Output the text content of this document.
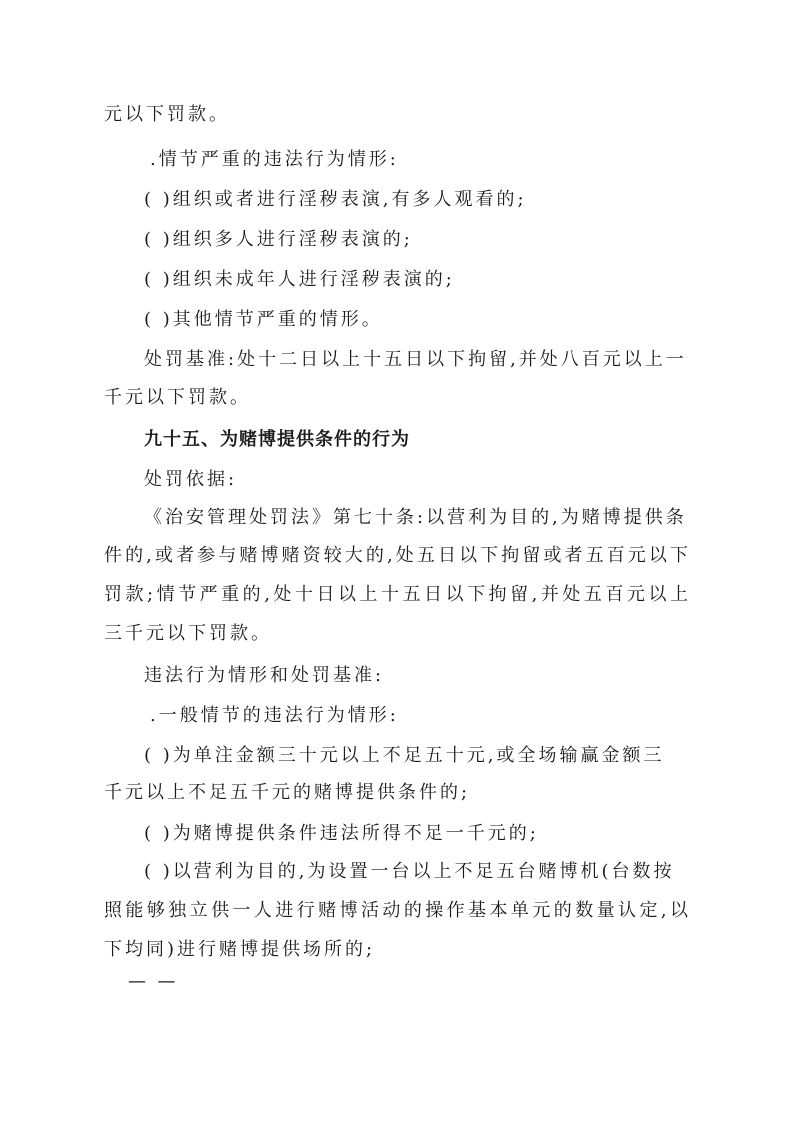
元以下罚款。
.情节严重的违法行为情形:
( )组织或者进行淫秽表演,有多人观看的;
( )组织多人进行淫秽表演的;
( )组织未成年人进行淫秽表演的;
( )其他情节严重的情形。
处罚基准:处十二日以上十五日以下拘留,并处八百元以上一
千元以下罚款。
九十五、为赌博提供条件的行为
处罚依据:
《治安管理处罚法》第七十条:以营利为目的,为赌博提供条
件的,或者参与赌博赌资较大的,处五日以下拘留或者五百元以下
罚款;情节严重的,处十日以上十五日以下拘留,并处五百元以上
三千元以下罚款。
违法行为情形和处罚基准:
.一般情节的违法行为情形:
( )为单注金额三十元以上不足五十元,或全场输赢金额三
千元以上不足五千元的赌博提供条件的;
( )为赌博提供条件违法所得不足一千元的;
( )以营利为目的,为设置一台以上不足五台赌博机(台数按
照能够独立供一人进行赌博活动的操作基本单元的数量认定,以
下均同)进行赌博提供场所的;
—  —
